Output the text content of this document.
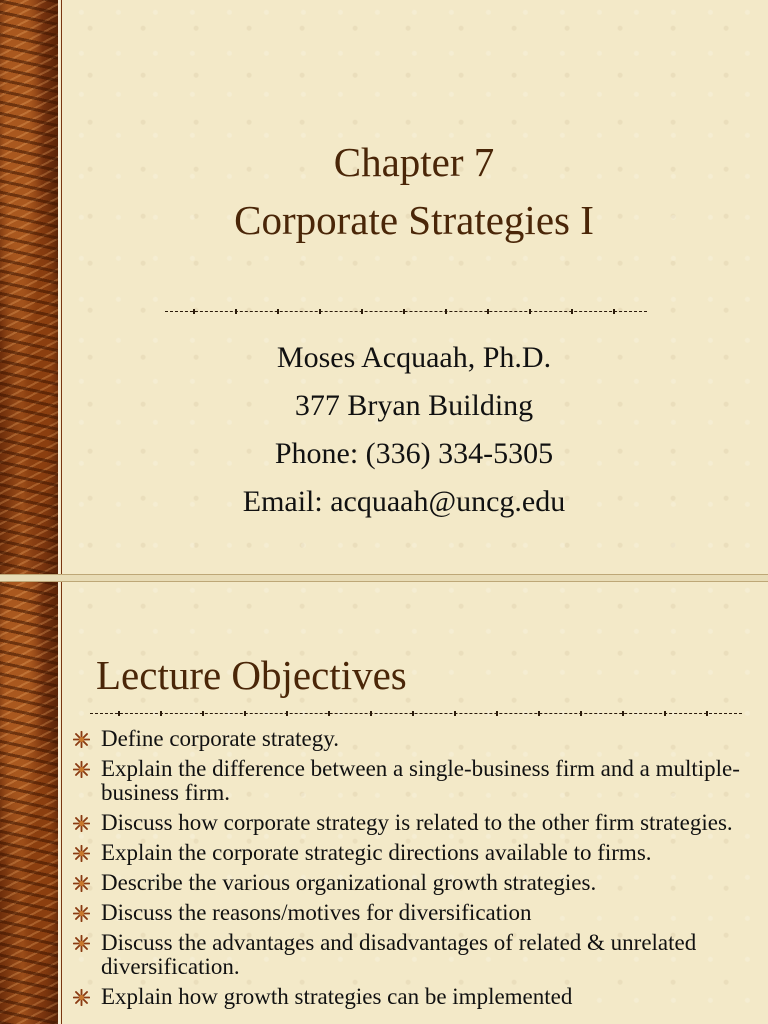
Chapter 7
Corporate Strategies I
Moses Acquaah, Ph.D.
377 Bryan Building
Phone: (336) 334-5305
Email: acquaah@uncg.edu
Lecture Objectives
Define corporate strategy.
Explain the difference between a single-business firm and a multiple-business firm.
Discuss how corporate strategy is related to the other firm strategies.
Explain the corporate strategic directions available to firms.
Describe the various organizational growth strategies.
Discuss the reasons/motives for diversification
Discuss the advantages and disadvantages of related & unrelated diversification.
Explain how growth strategies can be implemented
